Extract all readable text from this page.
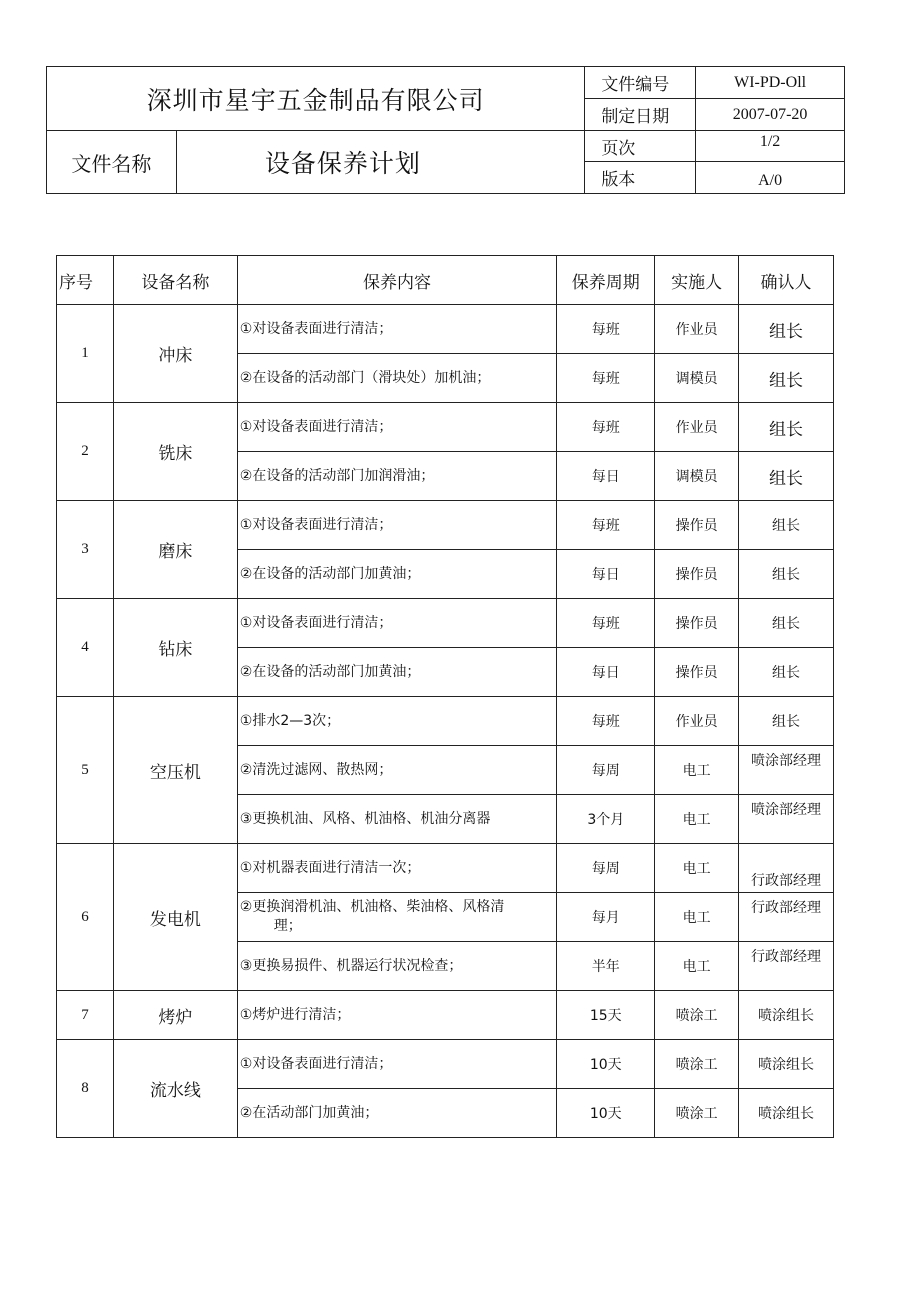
深圳市星宇五金制品有限公司		文件编号	WI-PD-Oll
		制定日期	2007-07-20
文件名称	设备保养计划	页次	1/2
		版本	A/0
序号	设备名称	保养内容	保养周期	实施人	确认人
1	冲床	①对设备表面进行清洁；	每班	作业员	组长
		②在设备的活动部门（滑块处）加机油；	每班	调模员	组长
2	铣床	①对设备表面进行清洁；	每班	作业员	组长
		②在设备的活动部门加润滑油；	每日	调模员	组长
3	磨床	①对设备表面进行清洁；	每班	操作员	组长
		②在设备的活动部门加黄油；	每日	操作员	组长
4	钻床	①对设备表面进行清洁；	每班	操作员	组长
		②在设备的活动部门加黄油；	每日	操作员	组长
5	空压机	①排水2—3次；	每班	作业员	组长
		②清洗过滤网、散热网；	每周	电工	喷涂部经理
		③更换机油、风格、机油格、机油分离器	3个月	电工	喷涂部经理
6	发电机	①对机器表面进行清洁一次；	每周	电工	行政部经理

		②更换润滑机油、机油格、柴油格、风格清
理；	每月	电工	行政部经理
		③更换易损件、机器运行状况检查；	半年	电工	行政部经理
7	烤炉	①烤炉进行清洁；	15天	喷涂工	喷涂组长
8	流水线	①对设备表面进行清洁；	10天	喷涂工	喷涂组长
		②在活动部门加黄油；	10天	喷涂工	喷涂组长
